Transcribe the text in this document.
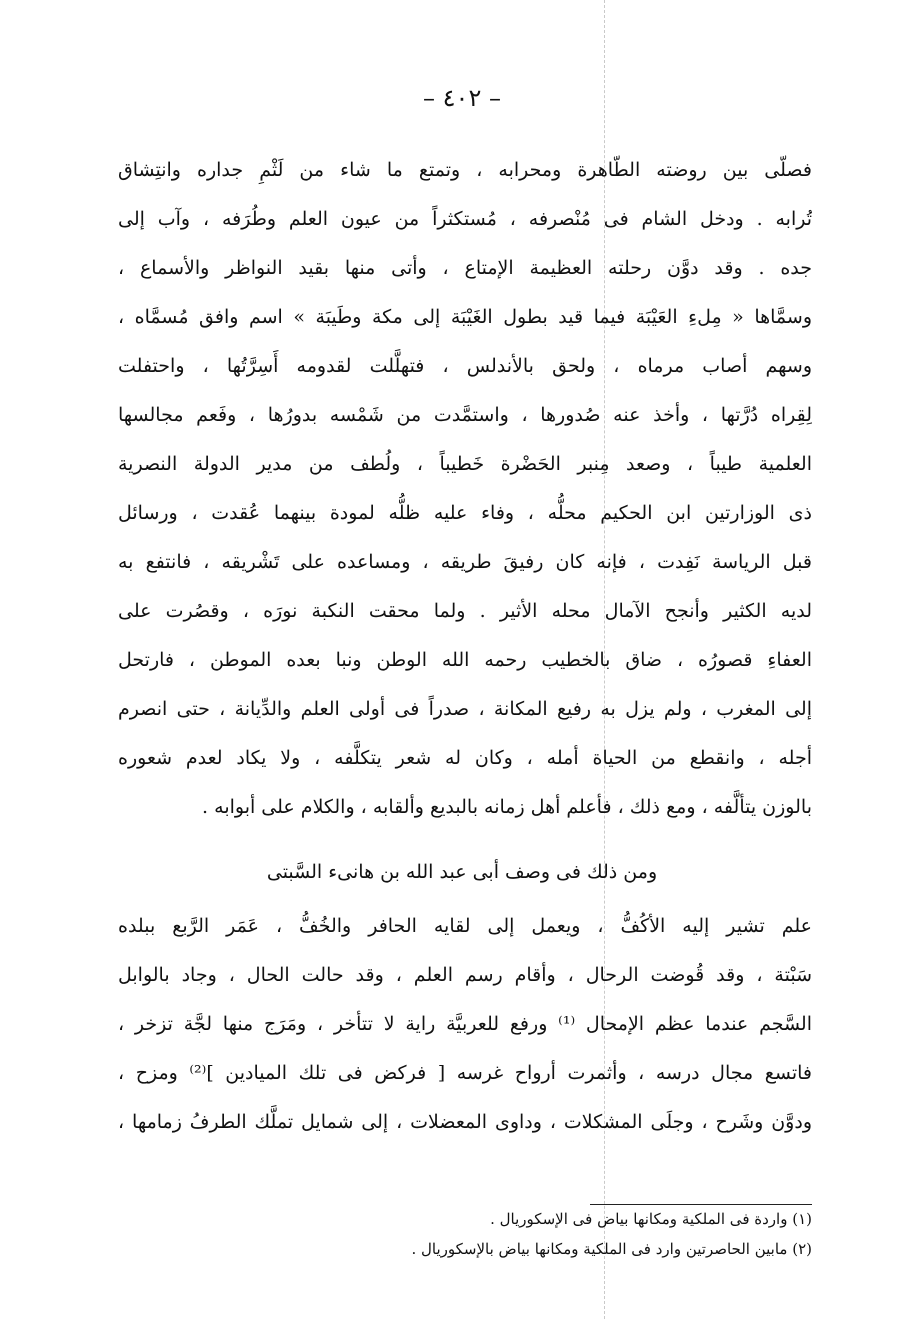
– ٤٠٢ –
فصلّى بين روضته الطّاهرة ومحرابه ، وتمتع ما شاء من لَثْمِ جداره وانتِشاق
تُرابه . ودخل الشام فى مُنْصرفه ، مُستكثراً من عيون العلم وطُرَفه ، وآب إلى
جده . وقد دوَّن رحلته العظيمة الإمتاع ، وأتى منها بقيد النواظر والأسماع ،
وسمَّاها « مِلءِ العَيْبَة فيما قيد بطول الغَيْبَة إلى مكة وطَيبَة » اسم وافق مُسمَّاه ،
وسهم أصاب مرماه ، ولحق بالأندلس ، فتهلَّلت لقدومه أَسِرَّتُها ، واحتفلت
لِقِراه دُرَّتها ، وأخذ عنه صُدورها ، واستمَّدت من شَمْسه بدورُها ، وفَعم مجالسها
العلمية طيباً ، وصعد مِنبر الحَضْرة خَطيباً ، ولُطف من مدير الدولة النصرية
ذى الوزارتين ابن الحكيم محلُّه ، وفاء عليه ظلُّه لمودة بينهما عُقدت ، ورسائل
قبل الرياسة نَفِدت ، فإنه كان رفيقَ طريقه ، ومساعده على تَشْريقه ، فانتفع به
لديه الكثير وأنجح الآمال محله الأثير . ولما محقت النكبة نورَه ، وقصُرت على
العفاءِ قصورُه ، ضاق بالخطيب رحمه الله الوطن ونبا بعده الموطن ، فارتحل
إلى المغرب ، ولم يزل به رفيع المكانة ، صدراً فى أولى العلم والدِّيانة ، حتى انصرم
أجله ، وانقطع من الحياة أمله ، وكان له شعر يتكلَّفه ، ولا يكاد لعدم شعوره
بالوزن يتألَّفه ، ومع ذلك ، فأعلم أهل زمانه بالبديع وألقابه ، والكلام على أبوابه .
ومن ذلك فى وصف أبى عبد الله بن هانىء السَّبتى
علم تشير إليه الأكُفُّ ، ويعمل إلى لقايه الحافر والخُفُّ ، عَمَر الرَّبع ببلده
سَبْتة ، وقد قُوضت الرحال ، وأقام رسم العلم ، وقد حالت الحال ، وجاد بالوابل
السَّجم عندما عظم الإمحال ⁽¹⁾ ورفع للعربيَّة راية لا تتأخر ، ومَرَج منها لجَّة تزخر ،
فاتسع مجال درسه ، وأثمرت أرواح غرسه [ فركض فى تلك الميادين ]⁽²⁾ ومزح ،
ودوَّن وشَرح ، وجلَى المشكلات ، وداوى المعضلات ، إلى شمايل تملَّك الطرفُ زمامها ،
(١) واردة فى الملكية ومكانها بياض فى الإسكوريال .
(٢) مابين الحاصرتين وارد فى الملكية ومكانها بياض بالإسكوريال .
